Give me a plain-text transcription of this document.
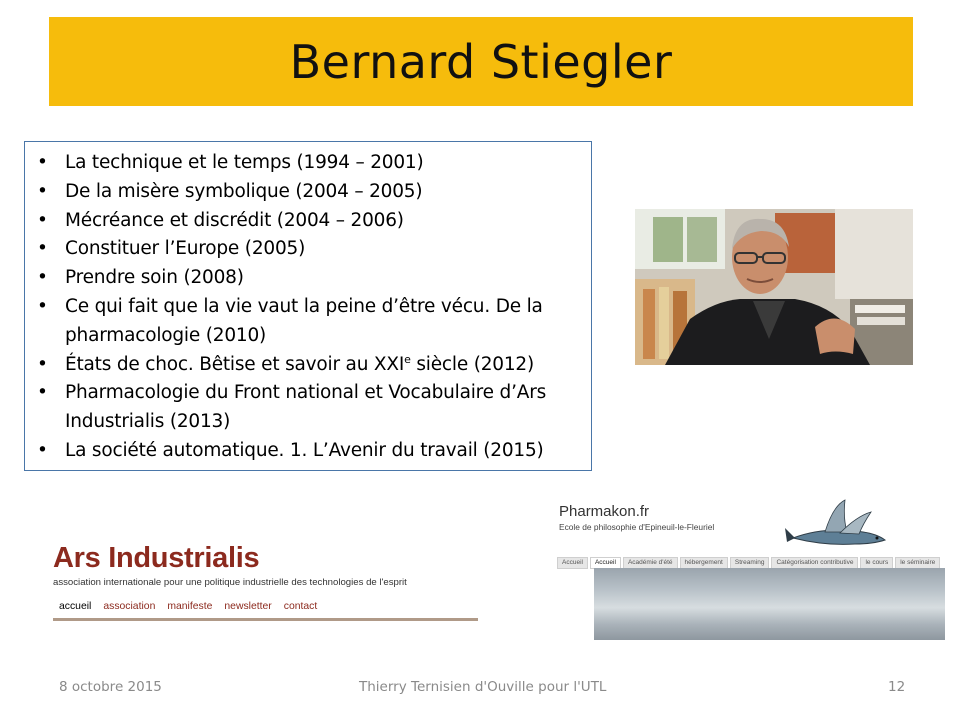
Bernard Stiegler
• La technique et le temps (1994 – 2001)
• De la misère symbolique (2004 – 2005)
• Mécréance et discrédit (2004 – 2006)
• Constituer l’Europe (2005)
• Prendre soin (2008)
• Ce qui fait que la vie vaut la peine d’être vécu. De la
pharmacologie (2010)
• États de choc. Bêtise et savoir au XXIe siècle (2012)
• Pharmacologie du Front national et Vocabulaire d’Ars
Industrialis (2013)
• La société automatique. 1. L’Avenir du travail (2015)
Ars Industrialis
association internationale pour une politique industrielle des technologies de l'esprit
accueil association manifeste newsletter contact
Pharmakon.fr
Ecole de philosophie d'Epineuil-le-Fleuriel
Accueil	Accueil	Académie d'été	hébergement	Streaming	Catégorisation contributive	le cours	le séminaire
8 octobre 2015	Thierry Ternisien d'Ouville pour l'UTL	12
